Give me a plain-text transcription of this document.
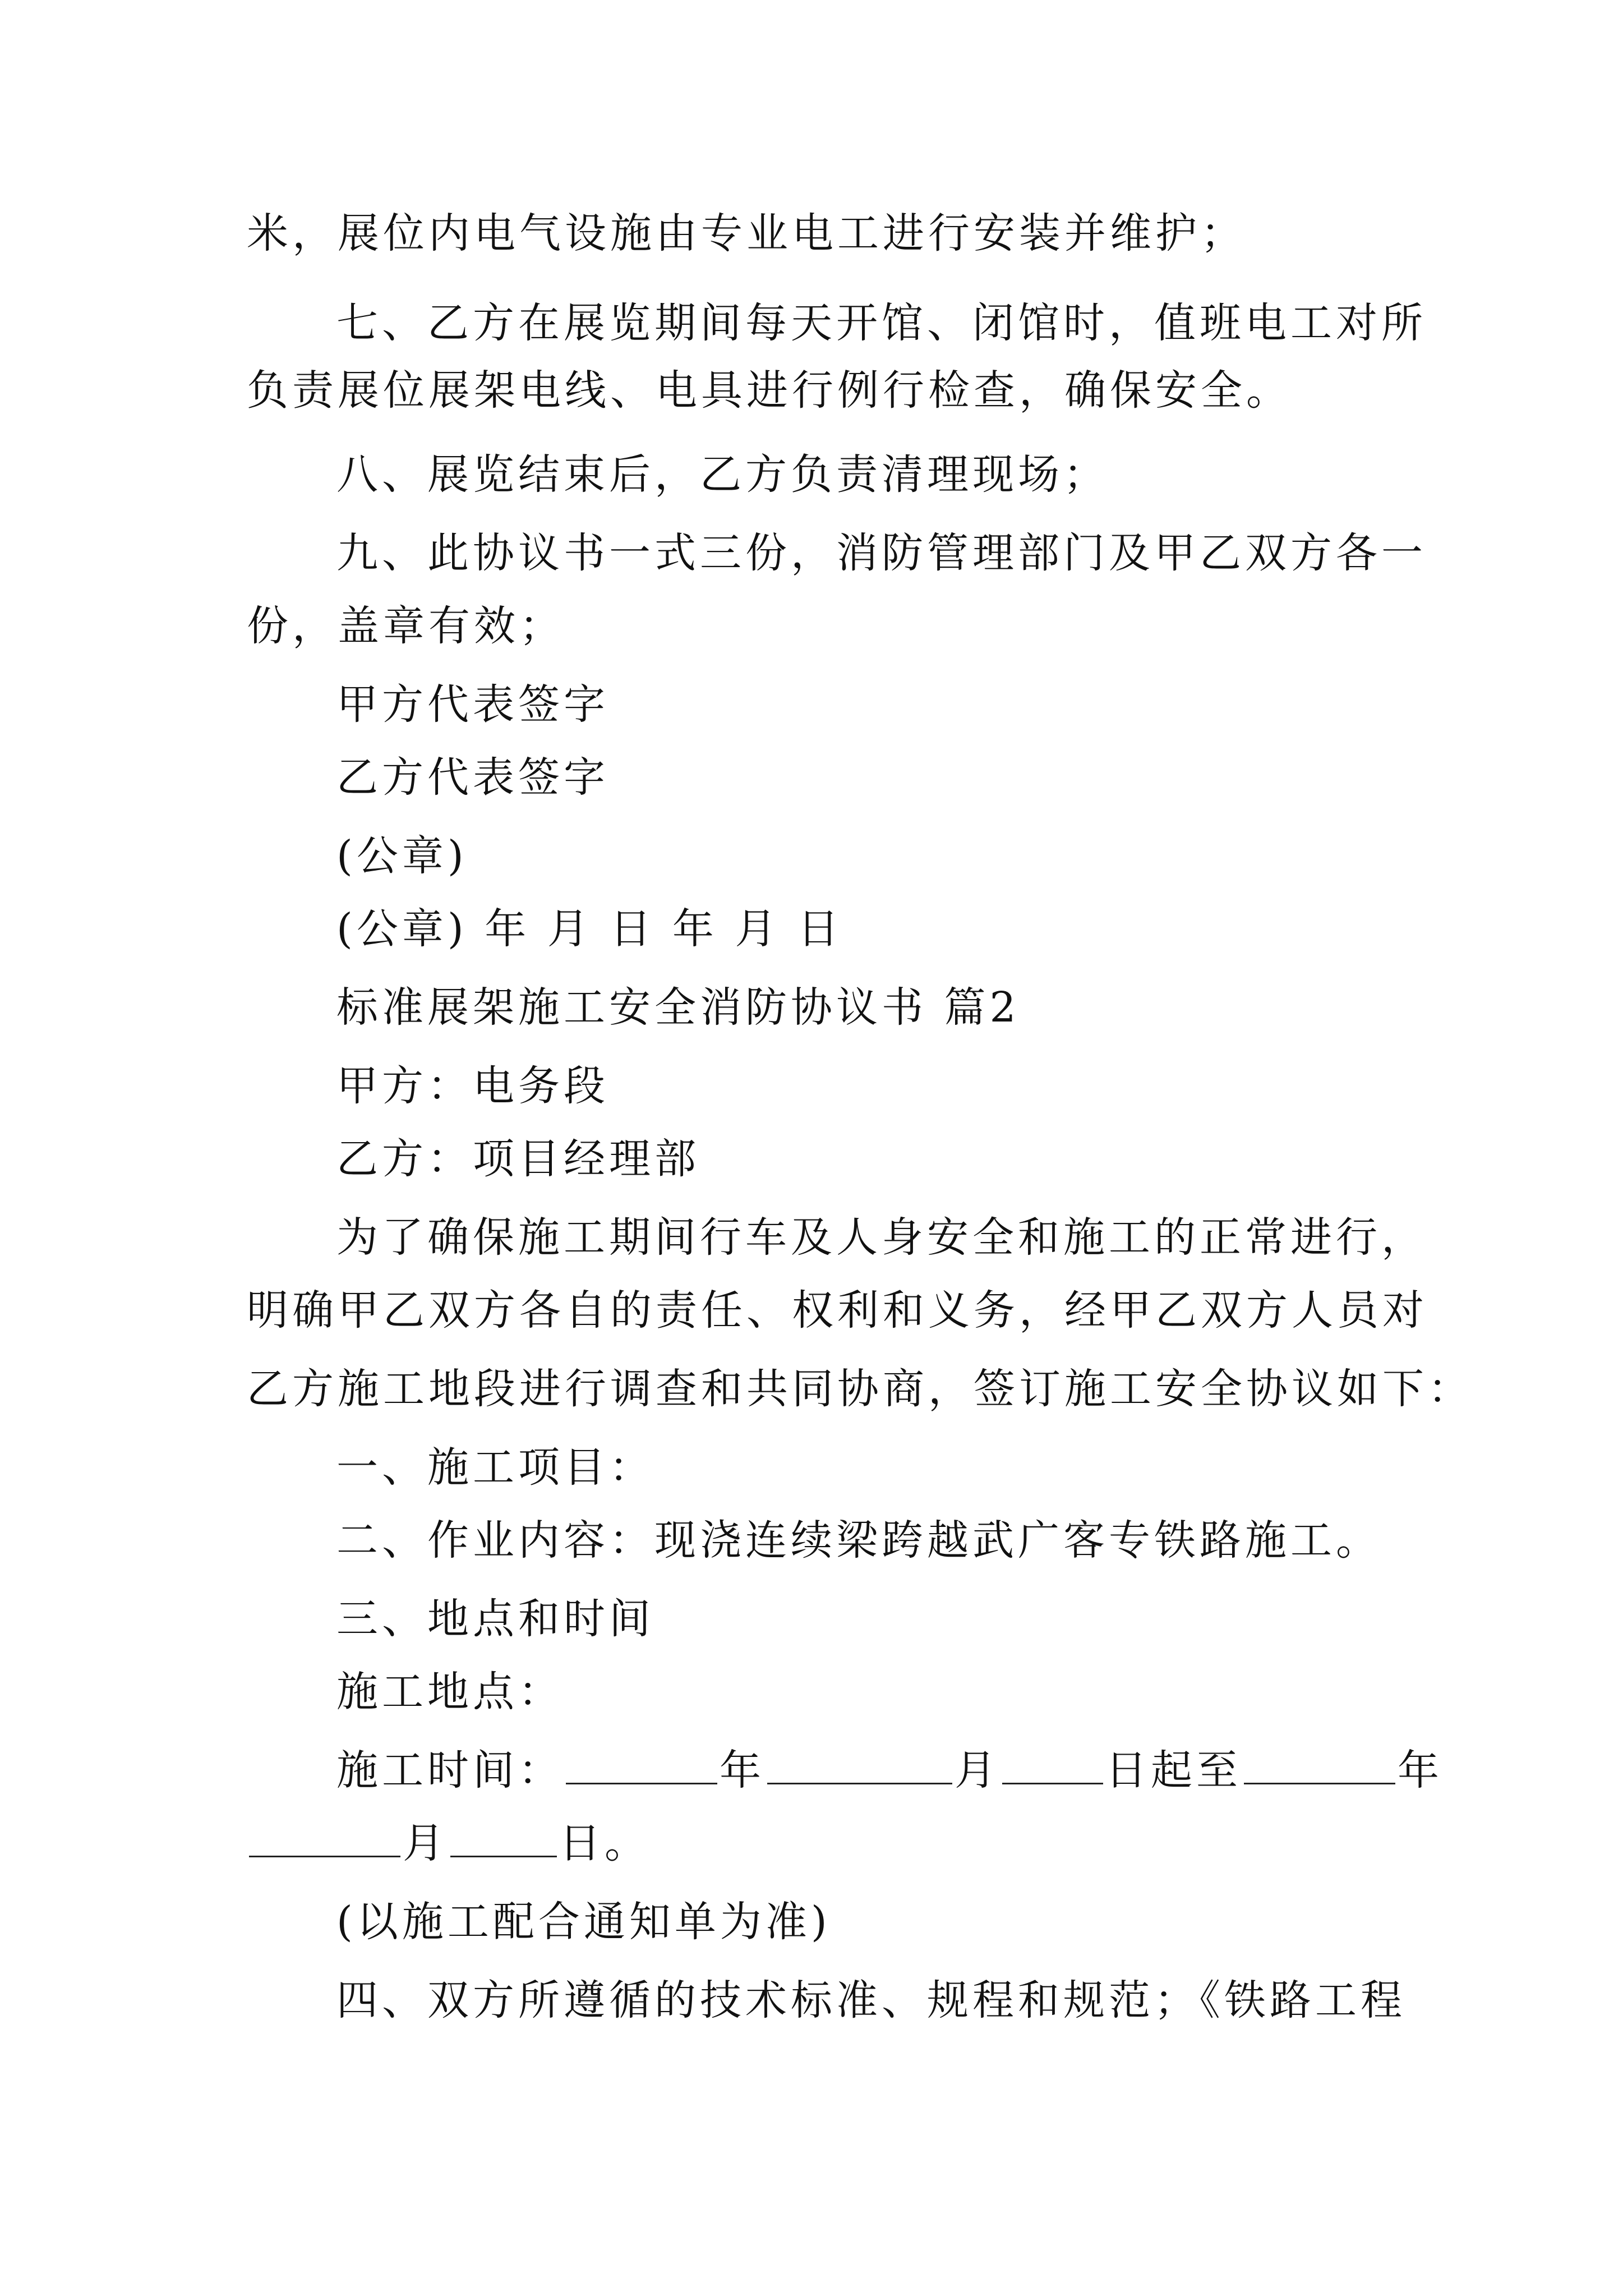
米，展位内电气设施由专业电工进行安装并维护；
七、乙方在展览期间每天开馆、闭馆时，值班电工对所
负责展位展架电线、电具进行例行检查，确保安全。
八、展览结束后，乙方负责清理现场；
九、此协议书一式三份，消防管理部门及甲乙双方各一
份，盖章有效；
甲方代表签字
乙方代表签字
(公章)
(公章) 年 月 日 年 月 日
标准展架施工安全消防协议书 篇2
甲方：电务段
乙方：项目经理部
为了确保施工期间行车及人身安全和施工的正常进行，
明确甲乙双方各自的责任、权利和义务，经甲乙双方人员对
乙方施工地段进行调查和共同协商，签订施工安全协议如下：
一、施工项目：
二、作业内容：现浇连续梁跨越武广客专铁路施工。
三、地点和时间
施工地点：
施工时间：	年	月	日起至	年
月	日。
(以施工配合通知单为准)
四、双方所遵循的技术标准、规程和规范；《铁路工程
